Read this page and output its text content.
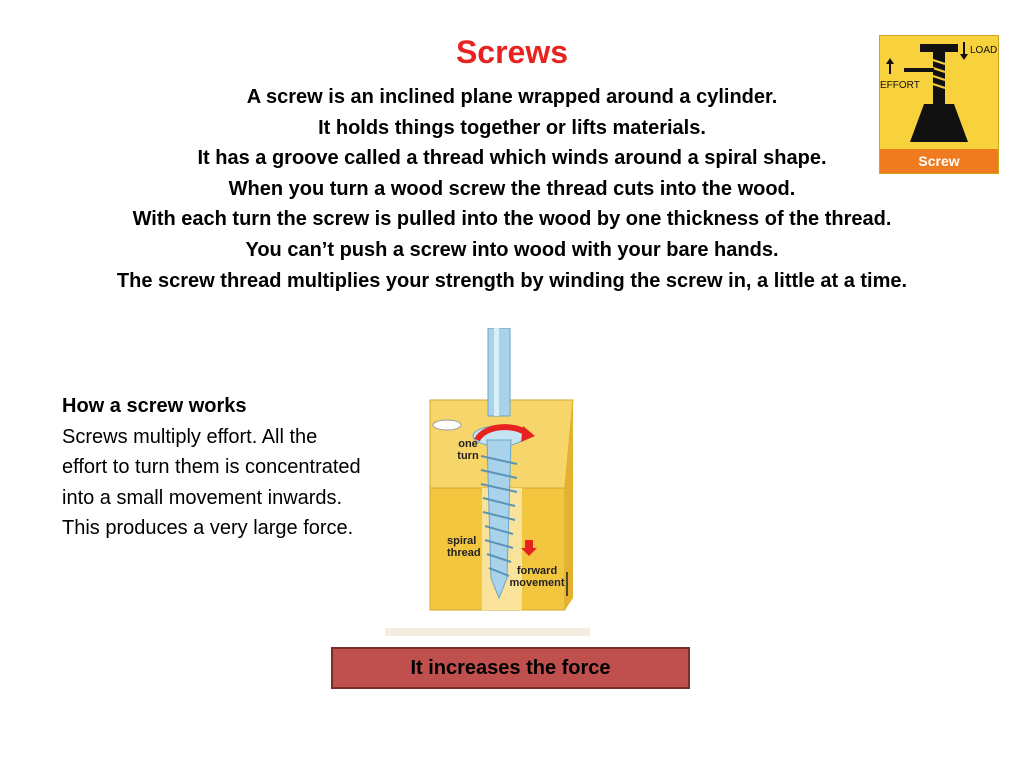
Screws
A screw is an inclined plane wrapped around a cylinder.
It holds things together or lifts materials.
It has a groove called a thread which winds around a spiral shape.
When you turn a wood screw the thread cuts into the wood.
With each turn the screw is pulled into the wood by one thickness of the thread.
You can’t push a screw into wood with your bare hands.
The screw thread multiplies your strength by winding the screw in, a little at a time.
LOAD
EFFORT
Screw
How a screw works
Screws multiply effort. All the effort to turn them is concentrated into a small movement inwards. This produces a very large force.
one turn
spiral thread
forward movement
It increases the force
